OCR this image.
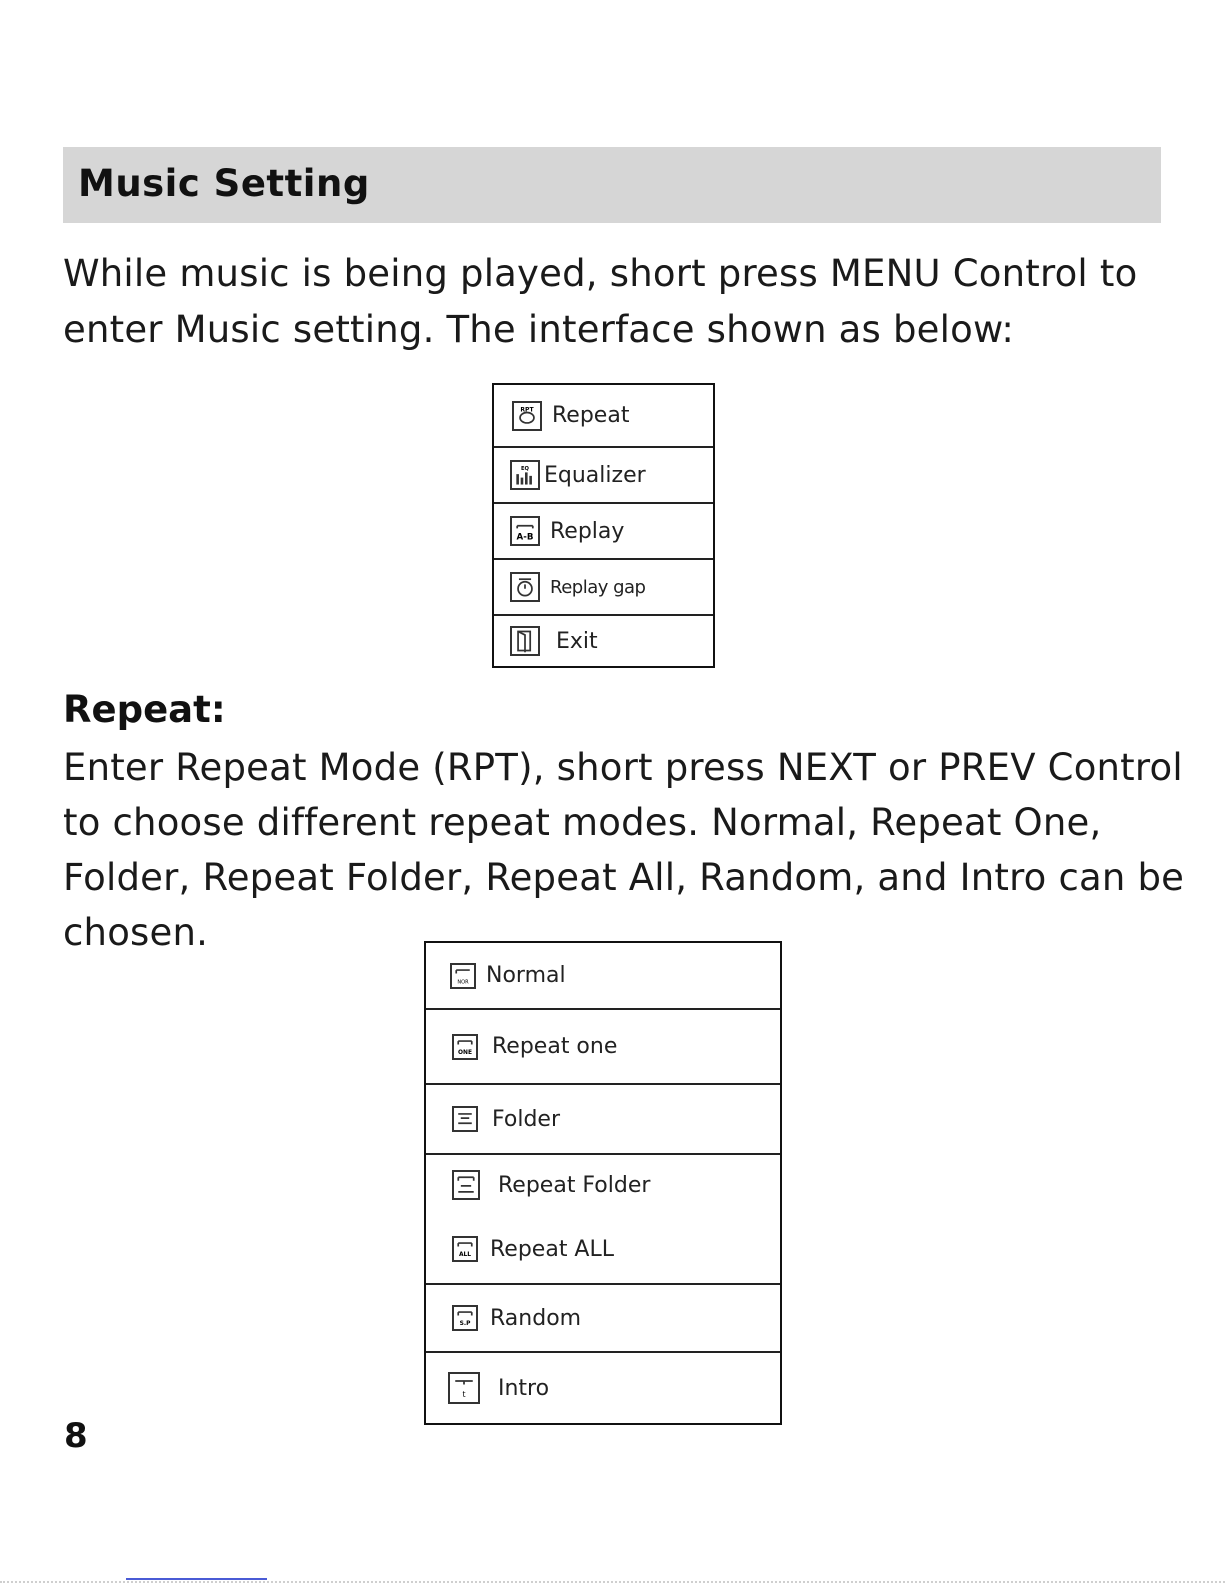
Music Setting

While music is being played, short press MENU Control to enter Music setting. The interface shown as below:

RPT Repeat
EQ Equalizer
A-B Replay
Replay gap
Exit
Repeat:

Enter Repeat Mode (RPT), short press NEXT or PREV Control to choose different repeat modes. Normal, Repeat One, Folder, Repeat Folder, Repeat All, Random, and Intro can be chosen.

NOR Normal
ONE Repeat one
Folder
Repeat Folder
ALL Repeat ALL
S.P Random
t Intro

8
